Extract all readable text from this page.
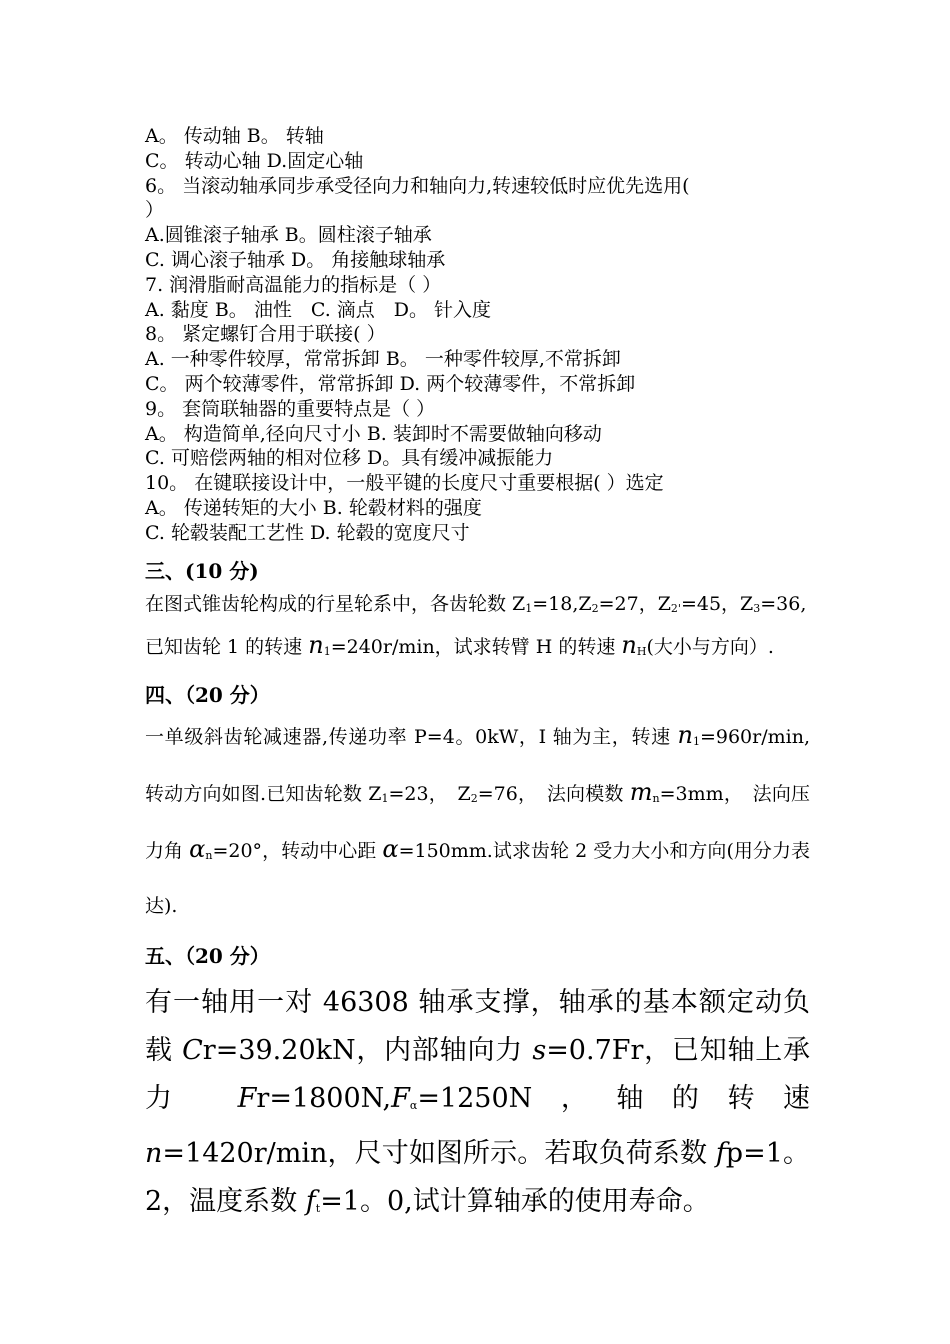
A。 传动轴 B。 转轴
C。 转动心轴 D.固定心轴
6。 当滚动轴承同步承受径向力和轴向力,转速较低时应优先选用(
）
A.圆锥滚子轴承 B。圆柱滚子轴承
C. 调心滚子轴承 D。 角接触球轴承
7. 润滑脂耐高温能力的指标是（ ）
A. 黏度 B。 油性　C. 滴点　D。 针入度
8。 紧定螺钉合用于联接( ）
A. 一种零件较厚，常常拆卸 B。 一种零件较厚,不常拆卸
C。 两个较薄零件，常常拆卸 D. 两个较薄零件，不常拆卸
9。 套筒联轴器的重要特点是（ ）
A。 构造简单,径向尺寸小 B. 装卸时不需要做轴向移动
C. 可赔偿两轴的相对位移 D。具有缓冲减振能力
10。 在键联接设计中，一般平键的长度尺寸重要根据( ）选定
A。 传递转矩的大小 B. 轮毂材料的强度
C. 轮毂装配工艺性 D. 轮毂的宽度尺寸
三、(10 分)
在图式锥齿轮构成的行星轮系中，各齿轮数 $Z_1=18,Z_2=27$，$Z_{2'}=45$，$Z_3=36$,已知齿轮 1 的转速 $n_1=240r/\min$，试求转臂 H 的转速 $n_H$(大小与方向）.
四、（20 分）
一单级斜齿轮减速器,传递功率 P=4。0kW，I 轴为主，转速 $n_1=960r/\min$,转动方向如图.已知齿轮数 $Z_1=23$，　$Z_2=76$，　法向模数 $m_n=3mm$，　法向压力角 $\alpha_n=20^\circ$，转动中心距 α=150mm.试求齿轮 2 受力大小和方向(用分力表达).
五、（20 分）
有一轴用一对 46308 轴承支撑，轴承的基本额定动负载 Cr=39.20kN，内部轴向力 s=0.7Fr，已知轴上承力 $Fr=1800N,F_\alpha=1250N$，轴的转速 n=1420r/min，尺寸如图所示。若取负荷系数 fp=1。2，温度系数 $f_t=1$。0,试计算轴承的使用寿命。
